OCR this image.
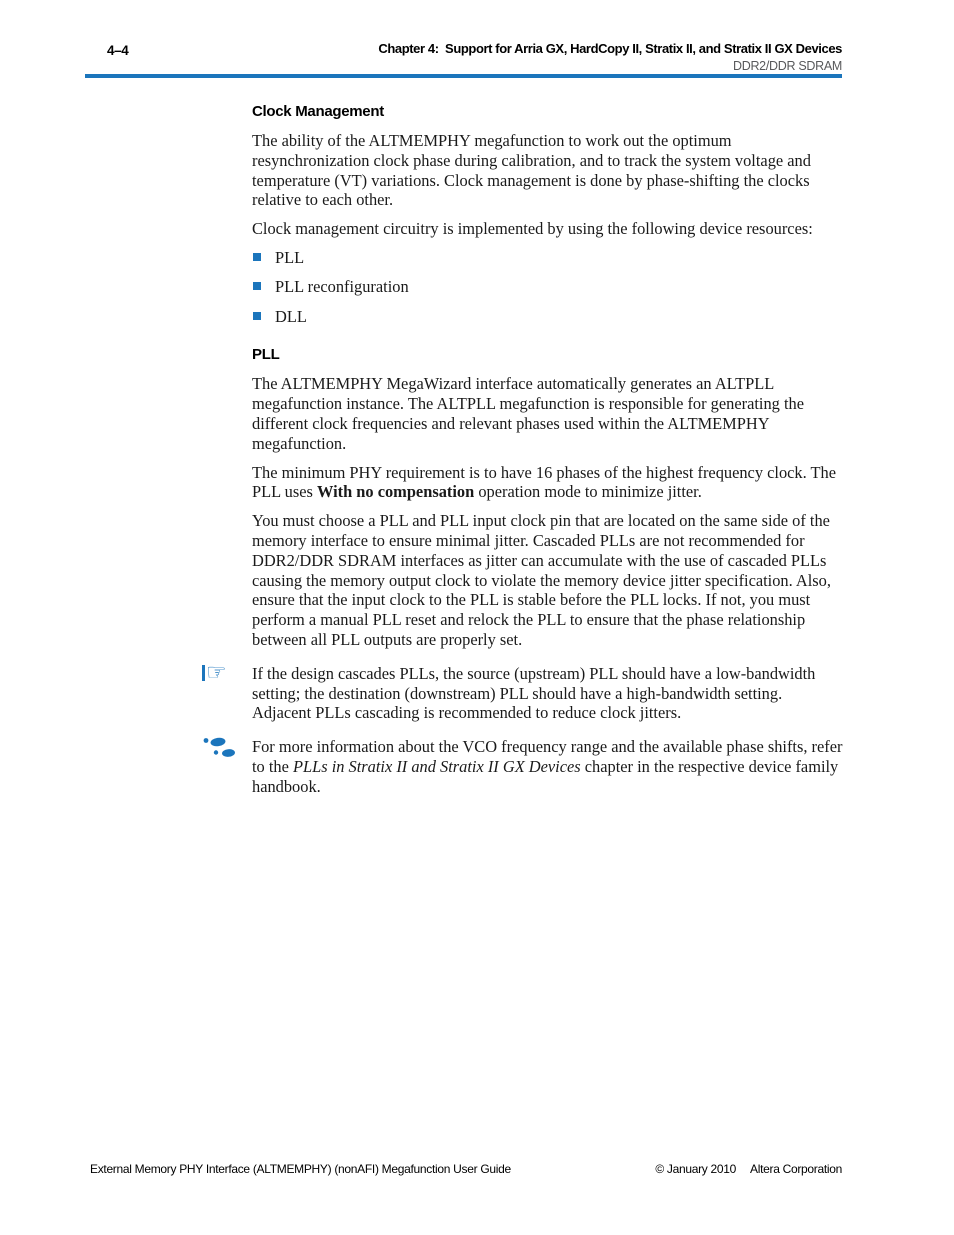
4–4	Chapter 4:  Support for Arria GX, HardCopy II, Stratix II, and Stratix II GX Devices
DDR2/DDR SDRAM
Clock Management

The ability of the ALTMEMPHY megafunction to work out the optimum resynchronization clock phase during calibration, and to track the system voltage and temperature (VT) variations. Clock management is done by phase-shifting the clocks relative to each other.

Clock management circuitry is implemented by using the following device resources:

PLL
PLL reconfiguration
DLL
PLL

The ALTMEMPHY MegaWizard interface automatically generates an ALTPLL megafunction instance. The ALTPLL megafunction is responsible for generating the different clock frequencies and relevant phases used within the ALTMEMPHY megafunction.

The minimum PHY requirement is to have 16 phases of the highest frequency clock. The PLL uses With no compensation operation mode to minimize jitter.

You must choose a PLL and PLL input clock pin that are located on the same side of the memory interface to ensure minimal jitter. Cascaded PLLs are not recommended for DDR2/DDR SDRAM interfaces as jitter can accumulate with the use of cascaded PLLs causing the memory output clock to violate the memory device jitter specification. Also, ensure that the input clock to the PLL is stable before the PLL locks. If not, you must perform a manual PLL reset and relock the PLL to ensure that the phase relationship between all PLL outputs are properly set.

☞ If the design cascades PLLs, the source (upstream) PLL should have a low-bandwidth setting; the destination (downstream) PLL should have a high-bandwidth setting. Adjacent PLLs cascading is recommended to reduce clock jitters.

For more information about the VCO frequency range and the available phase shifts, refer to the PLLs in Stratix II and Stratix II GX Devices chapter in the respective device family handbook.

External Memory PHY Interface (ALTMEMPHY) (nonAFI) Megafunction User Guide	© January 2010 Altera Corporation
